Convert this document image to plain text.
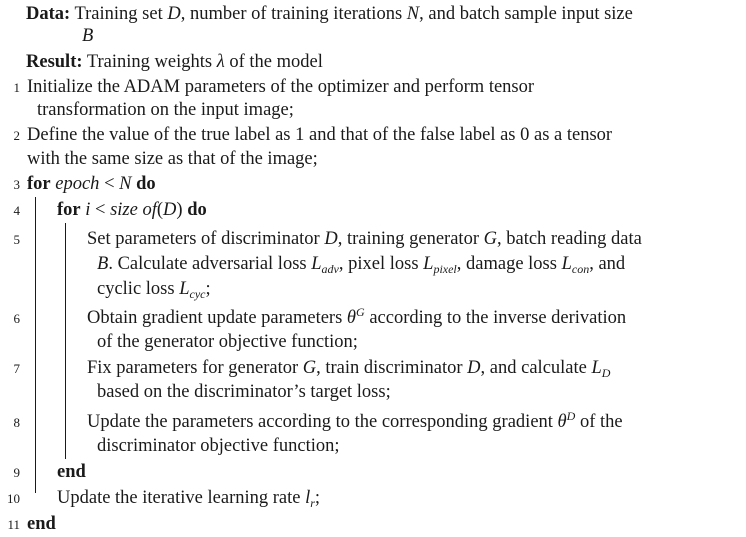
Data: Training set D, number of training iterations N, and batch sample input size
B
Result: Training weights λ of the model
1 Initialize the ADAM parameters of the optimizer and perform tensor
transformation on the input image;
2 Define the value of the true label as 1 and that of the false label as 0 as a tensor
with the same size as that of the image;
3 for epoch < N do
4 for i < size of(D) do
5	Set parameters of discriminator D, training generator G, batch reading data
B. Calculate adversarial loss $L_{adv}$, pixel loss $L_{pixel}$, damage loss $L_{con}$, and
cyclic loss $L_{cyc}$;
6	Obtain gradient update parameters $\theta^G$ according to the inverse derivation
of the generator objective function;
7	Fix parameters for generator G, train discriminator D, and calculate $L_D$
based on the discriminator’s target loss;
8	Update the parameters according to the corresponding gradient $\theta^D$ of the
discriminator objective function;
9 end
10 Update the iterative learning rate $l_r$;
11 end
